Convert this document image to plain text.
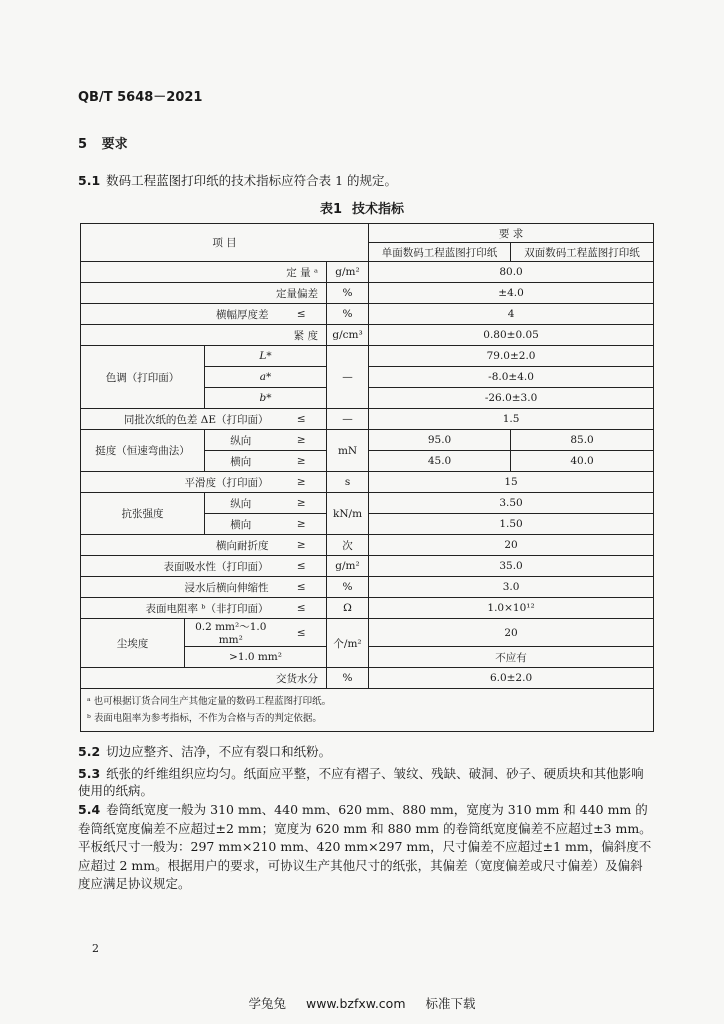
QB/T 5648－2021
5 要求
5.1 数码工程蓝图打印纸的技术指标应符合表 1 的规定。
表1 技术指标
项 目					要 求	
					单面数码工程蓝图打印纸	双面数码工程蓝图打印纸
定 量 ᵃ				g/m²	80.0	
定量偏差				%	±4.0	
横幅厚度差			≤	%	4	
紧 度				g/cm³	0.80±0.05	
色调（打印面）		L*		—	79.0±2.0	
		a*			-8.0±4.0	
		b*			-26.0±3.0	
同批次纸的色差 ΔE（打印面）			≤	—	1.5	
挺度（恒速弯曲法）		纵向	≥	mN	95.0	85.0
		横向	≥		45.0	40.0
平滑度（打印面）			≥	s	15	
抗张强度		纵向	≥	kN/m	3.50	
		横向	≥		1.50	
横向耐折度			≥	次	20	
表面吸水性（打印面）			≤	g/m²	35.0	
浸水后横向伸缩性			≤	%	3.0	
表面电阻率 ᵇ（非打印面）			≤	Ω	1.0×10¹²	
尘埃度	0.2 mm²～1.0 mm²		≤	个/m²	20	
	>1.0 mm²				不应有	
交货水分				%	6.0±2.0	

ᵃ 也可根据订货合同生产其他定量的数码工程蓝图打印纸。
ᵇ 表面电阻率为参考指标，不作为合格与否的判定依据。						
5.2 切边应整齐、洁净，不应有裂口和纸粉。
5.3 纸张的纤维组织应均匀。纸面应平整，不应有褶子、皱纹、残缺、破洞、砂子、硬质块和其他影响使用的纸病。
5.4 卷筒纸宽度一般为 310 mm、440 mm、620 mm、880 mm，宽度为 310 mm 和 440 mm 的卷筒纸宽度偏差不应超过±2 mm；宽度为 620 mm 和 880 mm 的卷筒纸宽度偏差不应超过±3 mm。平板纸尺寸一般为：297 mm×210 mm、420 mm×297 mm，尺寸偏差不应超过±1 mm，偏斜度不应超过 2 mm。根据用户的要求，可协议生产其他尺寸的纸张，其偏差（宽度偏差或尺寸偏差）及偏斜度应满足协议规定。
2
学兔兔 www.bzfxw.com 标准下载
